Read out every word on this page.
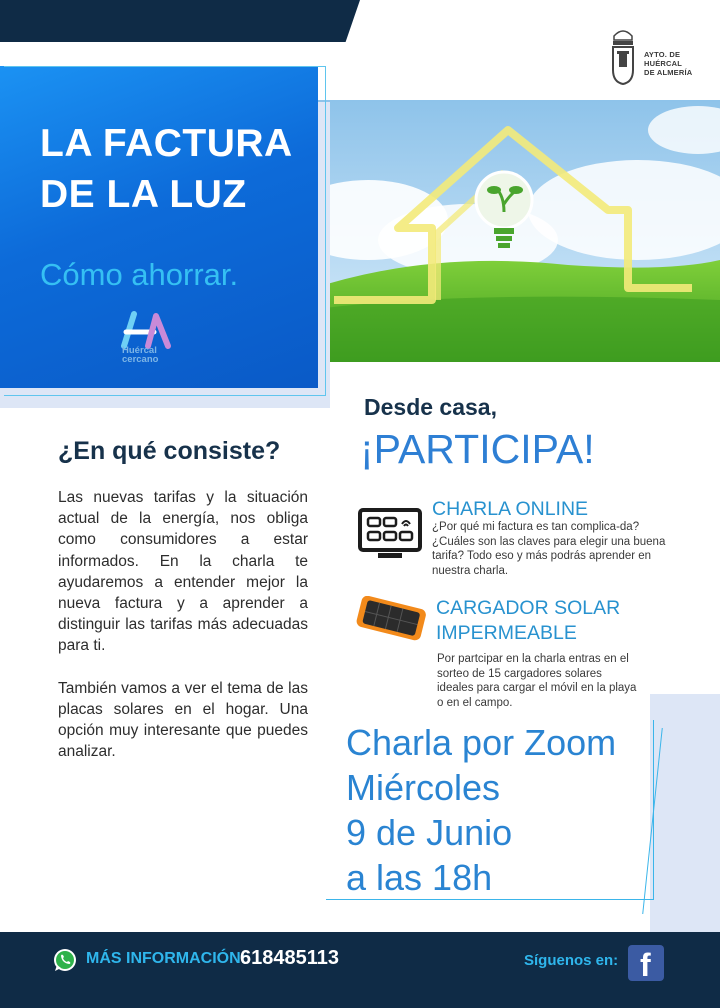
AYTO. DE
HUÉRCAL
DE ALMERÍA
LA FACTURA
DE LA LUZ
Cómo ahorrar.
Huércal
cercano
¿En qué consiste?

Las nuevas tarifas y la situación actual de la energía, nos obliga como consumidores a estar informados. En la charla te ayudaremos a entender mejor la nueva factura y a aprender a distinguir las tarifas más adecuadas para ti.

También vamos a ver el tema de las placas solares en el hogar. Una opción muy interesante que puedes analizar.

Desde casa,
¡PARTICIPA!
CHARLA ONLINE
¿Por qué mi factura es tan complica-da? ¿Cuáles son las claves para elegir una buena tarifa? Todo eso y más podrás aprender en nuestra charla.
CARGADOR SOLAR
IMPERMEABLE
Por partcipar en la charla entras en el sorteo de 15 cargadores solares ideales para cargar el móvil en la playa o en el campo.
Charla por Zoom
Miércoles
9 de Junio
a las 18h
MÁS INFORMACIÓN:
618485113	Síguenos en: f
